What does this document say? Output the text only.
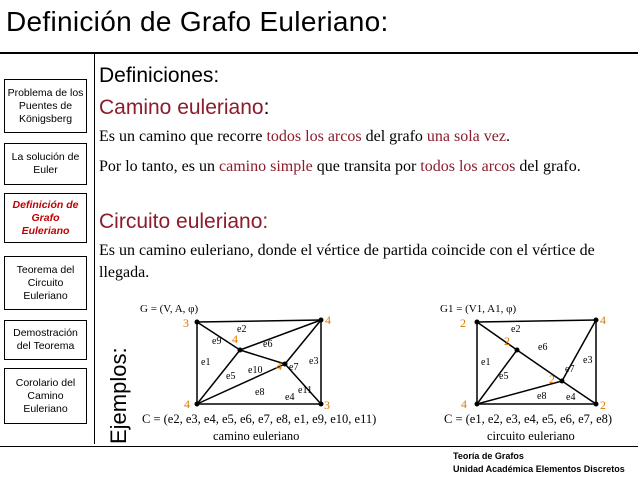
Definición de Grafo Euleriano:
Problema de los Puentes de Königsberg
La solución de Euler
Definición de Grafo Euleriano
Teorema del Circuito Euleriano
Demostración del Teorema
Corolario del Camino Euleriano
Definiciones:
Camino euleriano:
Es un camino que recorre todos los arcos del grafo una sola vez.
Por lo tanto, es un camino simple que transita por todos los arcos del grafo.
Circuito euleriano:
Es un camino euleriano, donde el vértice de partida coincide con el vértice de llegada.
Ejemplos:
G = (V, A, φ)
3	4
4
4
4	3
e2
e9	e6
e1
e5
e10	e7
e3
e11
e8 e4
C = (e2, e3, e4, e5, e6, e7, e8, e1, e9, e10, e11)
camino euleriano
G1 = (V1, A1, φ)
2
2
4
2
4	2
e2
e6
e1
e5
e7
e3
e8 e4
C = (e1, e2, e3, e4, e5, e6, e7, e8)
circuito euleriano
Teoría de Grafos
Unidad Académica Elementos Discretos
